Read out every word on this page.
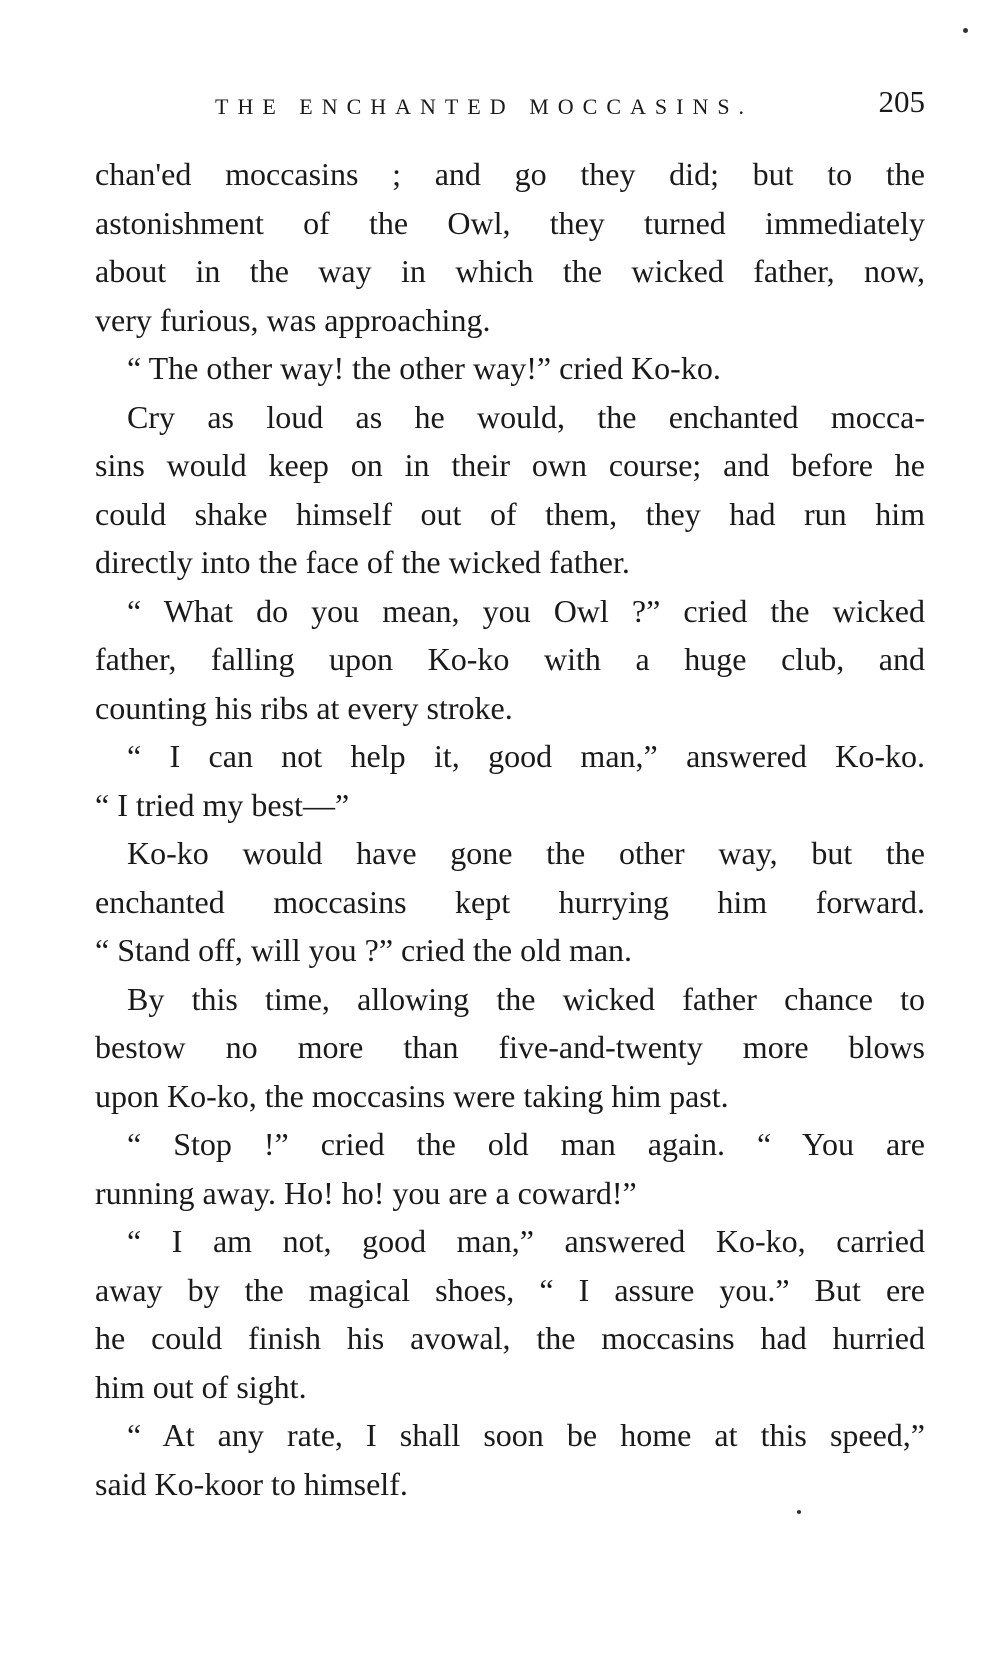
THE ENCHANTED MOCCASINS.	205

chan'ed moccasins ; and go they did; but to the

astonishment of the Owl, they turned immediately

about in the way in which the wicked father, now,

very furious, was approaching.

“ The other way! the other way!” cried Ko-ko.

Cry as loud as he would, the enchanted mocca-

sins would keep on in their own course; and before he

could shake himself out of them, they had run him

directly into the face of the wicked father.

“ What do you mean, you Owl ?” cried the wicked

father, falling upon Ko-ko with a huge club, and

counting his ribs at every stroke.

“ I can not help it, good man,” answered Ko-ko.

“ I tried my best—”

Ko-ko would have gone the other way, but the

enchanted moccasins kept hurrying him forward.

“ Stand off, will you ?” cried the old man.

By this time, allowing the wicked father chance to

bestow no more than five-and-twenty more blows

upon Ko-ko, the moccasins were taking him past.

“ Stop !” cried the old man again. “ You are

running away. Ho! ho! you are a coward!”

“ I am not, good man,” answered Ko-ko, carried

away by the magical shoes, “ I assure you.” But ere

he could finish his avowal, the moccasins had hurried

him out of sight.

“ At any rate, I shall soon be home at this speed,”

said Ko-koor to himself.
